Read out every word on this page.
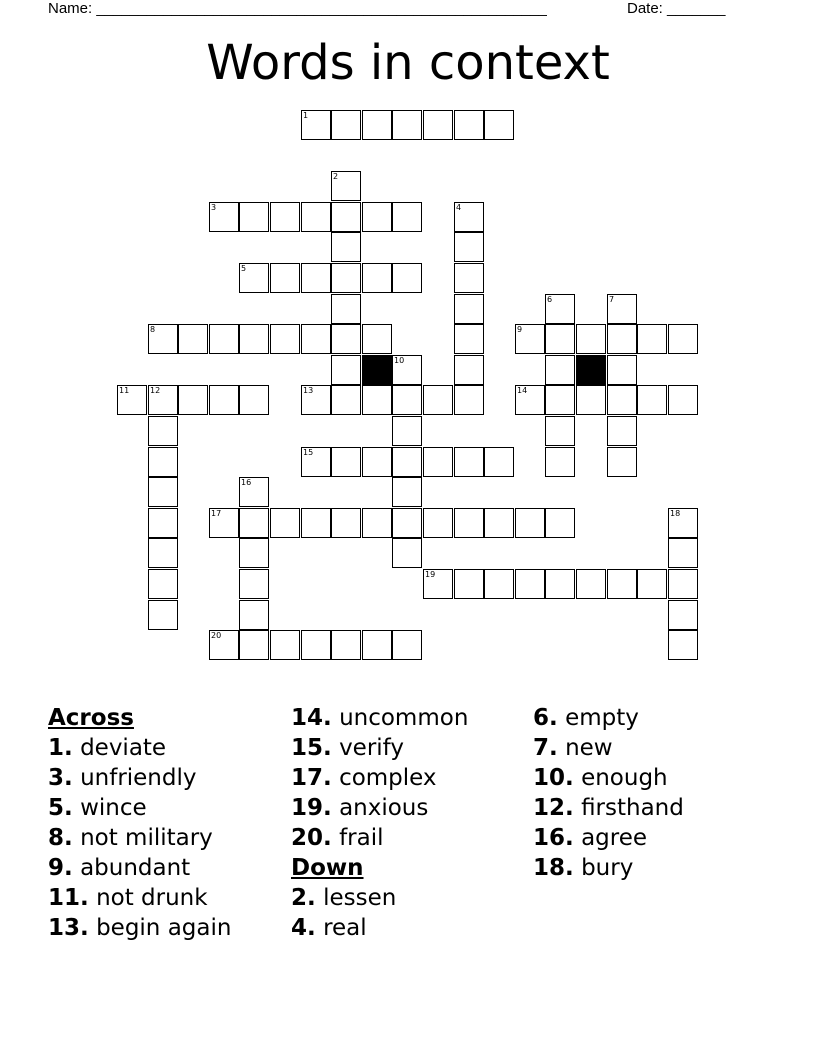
Name: ______________________________________________________	Date: _______
Words in context
1
2
3	4
5
6	7
8	9
10
11	12	13	14
15
16
17	18
19
20
Across
1. deviate
3. unfriendly
5. wince
8. not military
9. abundant
11. not drunk
13. begin again
14. uncommon
15. verify
17. complex
19. anxious
20. frail
Down
2. lessen
4. real
6. empty
7. new
10. enough
12. firsthand
16. agree
18. bury
